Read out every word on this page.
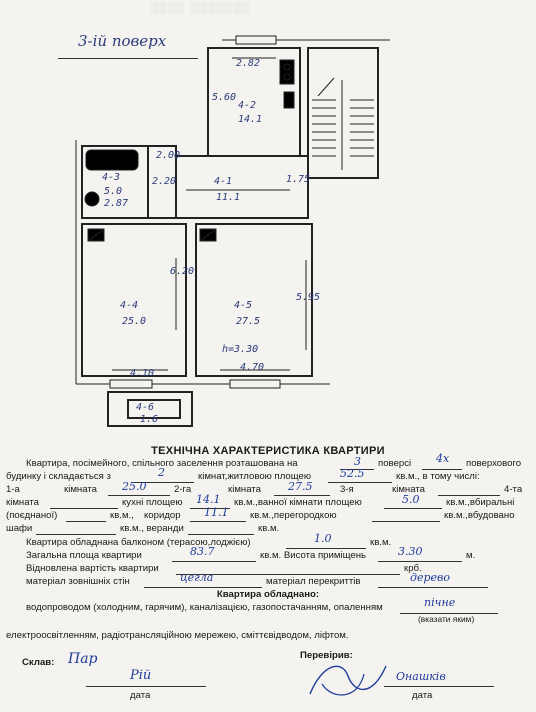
░░░░ ░░░░░░░
3-ій поверх
2.82
5.60
4-2
14.1
2.00
2.20
4-3
5.0
2.87
4-1
11.1
1.75
6.20
4-4
25.0
4-5
27.5
h=3.30
5.95
4.10
4.70
4-6
1.6
ТЕХНІЧНА ХАРАКТЕРИСТИКА КВАРТИРИ
Квартира, посімейного, спільного заселення розташована на	3 поверсі 4х поверхового
будинку і складається з	2	кімнат,житловою площею	52.5	кв.м., в тому числі:
1-а	кімната 25.0	2-га	кімната 27.5	3-я	кімната	4-та
кімната	кухні площею 14.1 кв.м.,ванної кімнати площею	5.0	кв.м.,вбиральні
(поєднаної)	кв.м., коридор 11.1 кв.м.,перегородкою	кв.м.,вбудовано
шафи	кв.м., веранди	кв.м.
Квартира обладнана балконом (терасою,лоджією)	1.0	кв.м.
Загальна площа квартири	83.7	кв.м. Висота приміщень	3.30	м.
Відновлена вартість квартири	крб.
матеріал зовнішніх стін	цегла	матеріал перекриттів	дерево
Квартира обладнано:
водопроводом (холодним, гарячим), каналізацією, газопостачанням, опаленням	пічне
(вказати яким)
електроосвітленням, радіотрансляційною мережею, сміттєвідводом, ліфтом.
Склав: Пар
Рій
дата
Перевірив:
Онашків
дата
